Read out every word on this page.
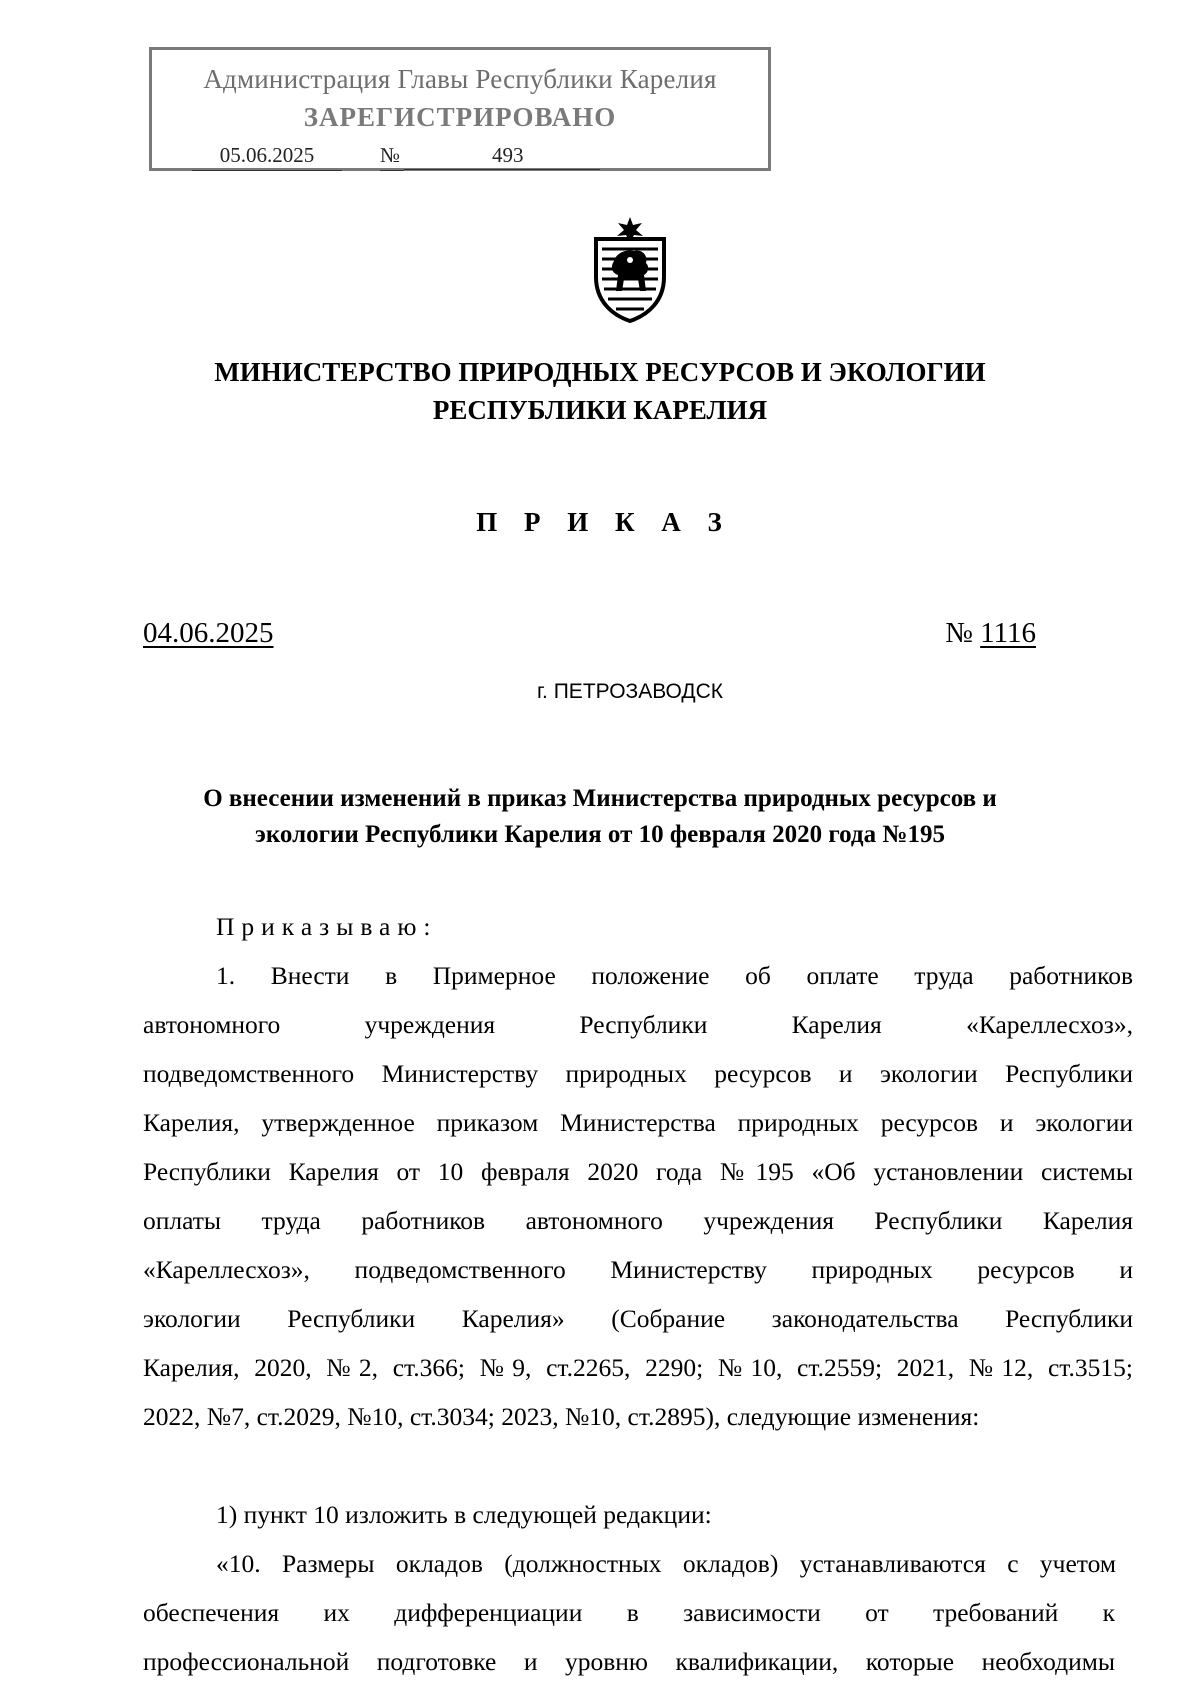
Администрация Главы Республики Карелия
ЗАРЕГИСТРИРОВАНО
05.06.2025	№	493
МИНИСТЕРСТВО ПРИРОДНЫХ РЕСУРСОВ И ЭКОЛОГИИ
РЕСПУБЛИКИ КАРЕЛИЯ
П Р И К А З
04.06.2025	№ 1116
г. ПЕТРОЗАВОДСК
О внесении изменений в приказ Министерства природных ресурсов и
экологии Республики Карелия от 10 февраля 2020 года №195
Приказываю:
1. Внести в Примерное положение об оплате труда работников
автономного учреждения Республики Карелия «Кареллесхоз»,
подведомственного Министерству природных ресурсов и экологии Республики
Карелия, утвержденное приказом Министерства природных ресурсов и экологии
Республики Карелия от 10 февраля 2020 года №195 «Об установлении системы
оплаты труда работников автономного учреждения Республики Карелия
«Кареллесхоз», подведомственного Министерству природных ресурсов и
экологии Республики Карелия» (Собрание законодательства Республики
Карелия, 2020, №2, ст.366; №9, ст.2265, 2290; №10, ст.2559; 2021, №12, ст.3515;
2022, №7, ст.2029, №10, ст.3034; 2023, №10, ст.2895), следующие изменения:
1) пункт 10 изложить в следующей редакции:
«10. Размеры окладов (должностных окладов) устанавливаются с учетом
обеспечения их дифференциации в зависимости от требований к
профессиональной подготовке и уровню квалификации, которые необходимы
